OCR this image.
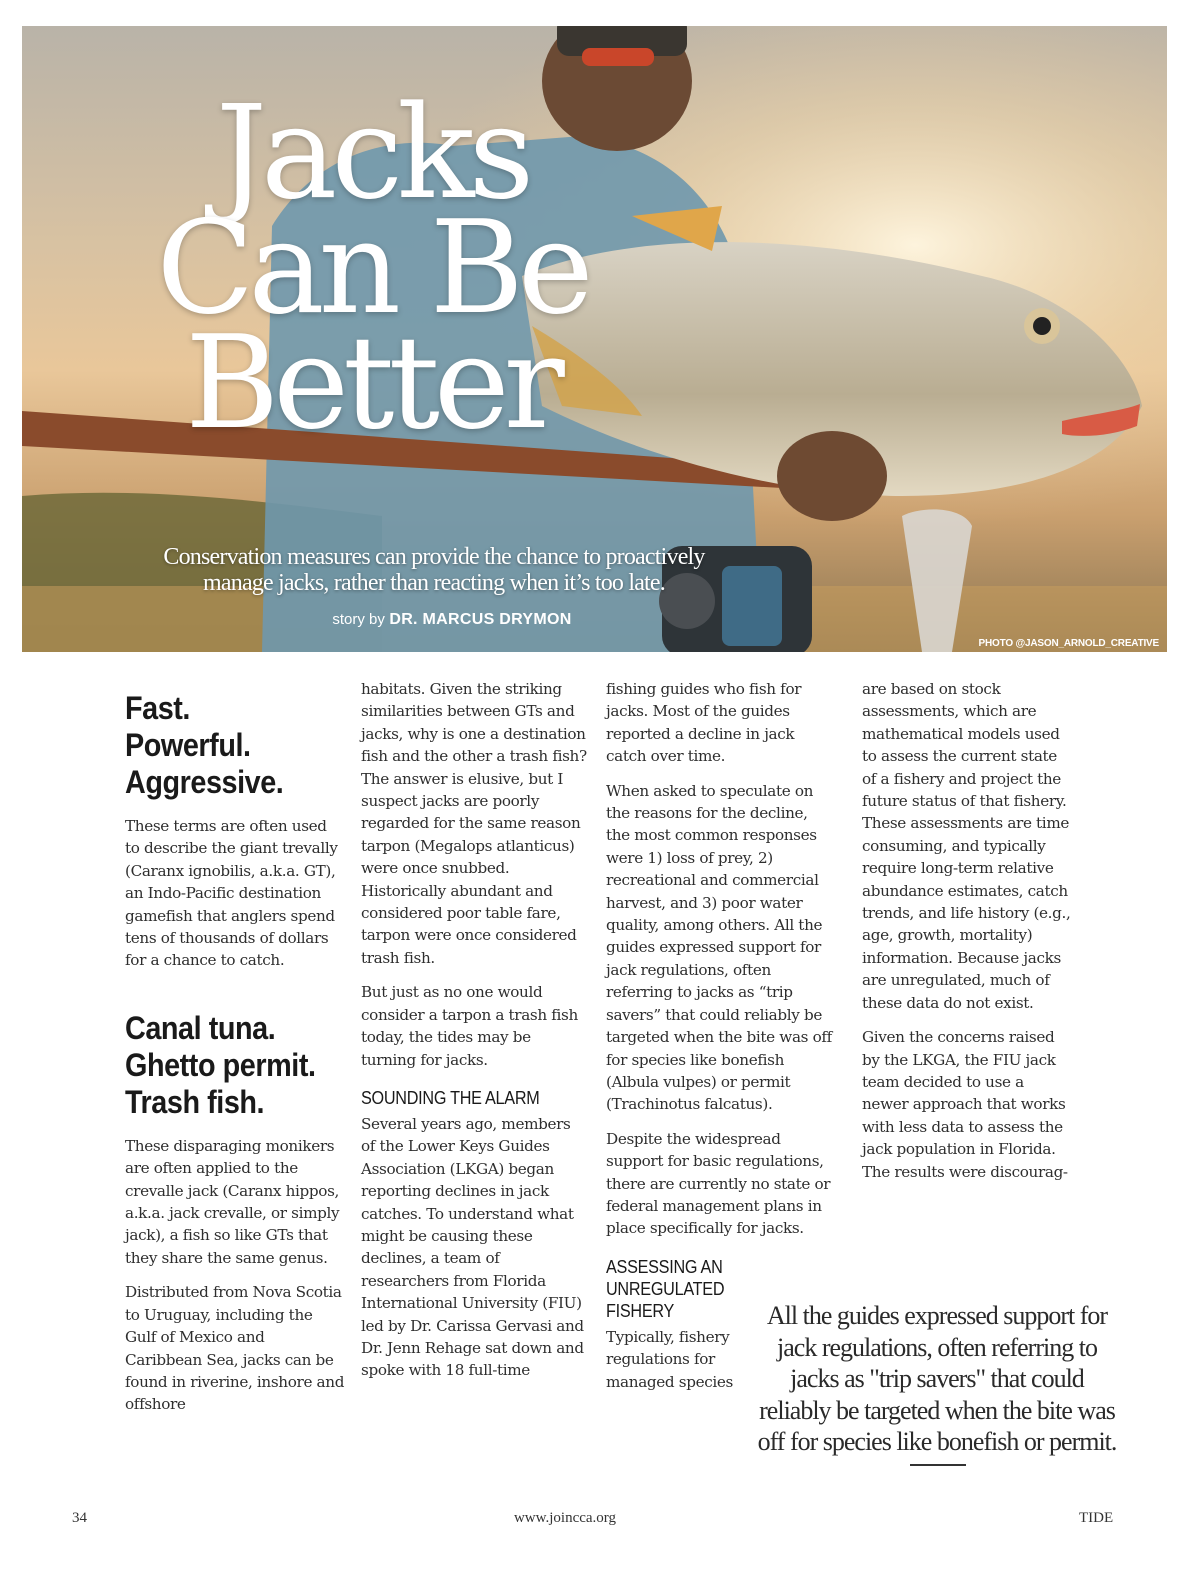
Jacks
Can Be
Better
Conservation measures can provide the chance to proactively
manage jacks, rather than reacting when it’s too late.
story by DR. MARCUS DRYMON
PHOTO @JASON_ARNOLD_CREATIVE
Fast.
Powerful.
Aggressive.

These terms are often used to describe the giant trevally (Caranx ignobilis, a.k.a. GT), an Indo-Pacific destination gamefish that anglers spend tens of thousands of dollars for a chance to catch.

Canal tuna.
Ghetto permit.
Trash fish.

These disparaging monikers are often applied to the crevalle jack (Caranx hippos, a.k.a. jack crevalle, or simply jack), a fish so like GTs that they share the same genus.

Distributed from Nova Scotia to Uruguay, including the Gulf of Mexico and Caribbean Sea, jacks can be found in riverine, inshore and offshore

habitats. Given the striking similarities between GTs and jacks, why is one a destination fish and the other a trash fish? The answer is elusive, but I suspect jacks are poorly regarded for the same reason tarpon (Megalops atlanticus) were once snubbed. Historically abundant and considered poor table fare, tarpon were once considered trash fish.

But just as no one would consider a tarpon a trash fish today, the tides may be turning for jacks.

SOUNDING THE ALARM

Several years ago, members of the Lower Keys Guides Association (LKGA) began reporting declines in jack catches. To understand what might be causing these declines, a team of researchers from Florida International University (FIU) led by Dr. Carissa Gervasi and Dr. Jenn Rehage sat down and spoke with 18 full-time

fishing guides who fish for jacks. Most of the guides reported a decline in jack catch over time.

When asked to speculate on the reasons for the decline, the most common responses were 1) loss of prey, 2) recreational and commercial harvest, and 3) poor water quality, among others. All the guides expressed support for jack regulations, often referring to jacks as “trip savers” that could reliably be targeted when the bite was off for species like bonefish (Albula vulpes) or permit (Trachinotus falcatus).

Despite the widespread support for basic regulations, there are currently no state or federal management plans in place specifically for jacks.

ASSESSING AN UNREGULATED FISHERY

Typically, fishery regulations for managed species

are based on stock assessments, which are mathematical models used to assess the current state of a fishery and project the future status of that fishery. These assessments are time consuming, and typically require long-term relative abundance estimates, catch trends, and life history (e.g., age, growth, mortality) information. Because jacks are unregulated, much of these data do not exist.

Given the concerns raised by the LKGA, the FIU jack team decided to use a newer approach that works with less data to assess the jack population in Florida. The results were discourag-

All the guides expressed support for jack regulations, often referring to jacks as "trip savers" that could reliably be targeted when the bite was off for species like bonefish or permit.
34	www.joincca.org	TIDE
